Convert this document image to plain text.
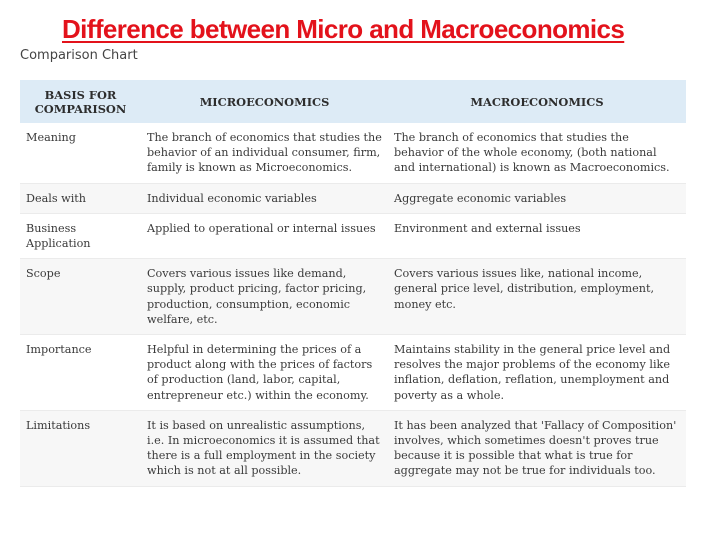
Difference between Micro and Macroeconomics
Comparison Chart
BASIS FOR COMPARISON	MICROECONOMICS	MACROECONOMICS
Meaning	The branch of economics that studies the behavior of an individual consumer, firm, family is known as Microeconomics.	The branch of economics that studies the behavior of the whole economy, (both national and international) is known as Macroeconomics.
Deals with	Individual economic variables	Aggregate economic variables
Business Application	Applied to operational or internal issues	Environment and external issues
Scope	Covers various issues like demand, supply, product pricing, factor pricing, production, consumption, economic welfare, etc.	Covers various issues like, national income, general price level, distribution, employment, money etc.
Importance	Helpful in determining the prices of a product along with the prices of factors of production (land, labor, capital, entrepreneur etc.) within the economy.	Maintains stability in the general price level and resolves the major problems of the economy like inflation, deflation, reflation, unemployment and poverty as a whole.
Limitations	It is based on unrealistic assumptions, i.e. In microeconomics it is assumed that there is a full employment in the society which is not at all possible.	It has been analyzed that 'Fallacy of Composition' involves, which sometimes doesn't proves true because it is possible that what is true for aggregate may not be true for individuals too.
